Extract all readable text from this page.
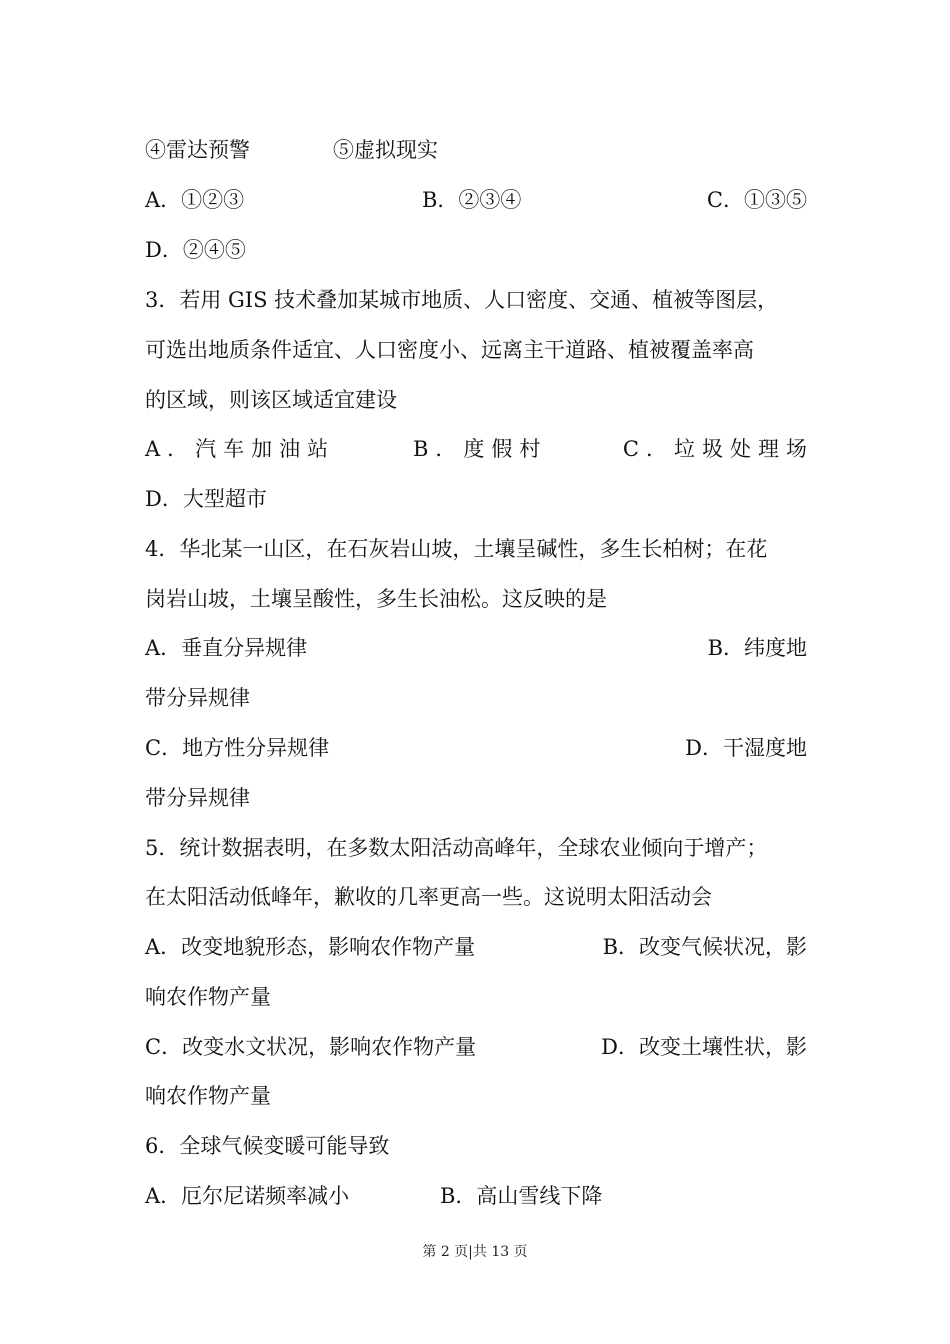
④雷达预警	⑤虚拟现实
A．①②③	B．②③④	C．①③⑤
D．②④⑤
3．若用 GIS 技术叠加某城市地质、人口密度、交通、植被等图层，
可选出地质条件适宜、人口密度小、远离主干道路、植被覆盖率高
的区域，则该区域适宜建设
A．汽车加油站	B．度假村	C．垃圾处理场
D．大型超市
4．华北某一山区，在石灰岩山坡，土壤呈碱性，多生长柏树；在花
岗岩山坡，土壤呈酸性，多生长油松。这反映的是
A．垂直分异规律	B．纬度地
带分异规律
C．地方性分异规律	D．干湿度地
带分异规律
5．统计数据表明，在多数太阳活动高峰年，全球农业倾向于增产；
在太阳活动低峰年，歉收的几率更高一些。这说明太阳活动会
A．改变地貌形态，影响农作物产量	B．改变气候状况，影
响农作物产量
C．改变水文状况，影响农作物产量	D．改变土壤性状，影
响农作物产量
6．全球气候变暖可能导致
A．厄尔尼诺频率减小	B．高山雪线下降
第 2 页|共 13 页
